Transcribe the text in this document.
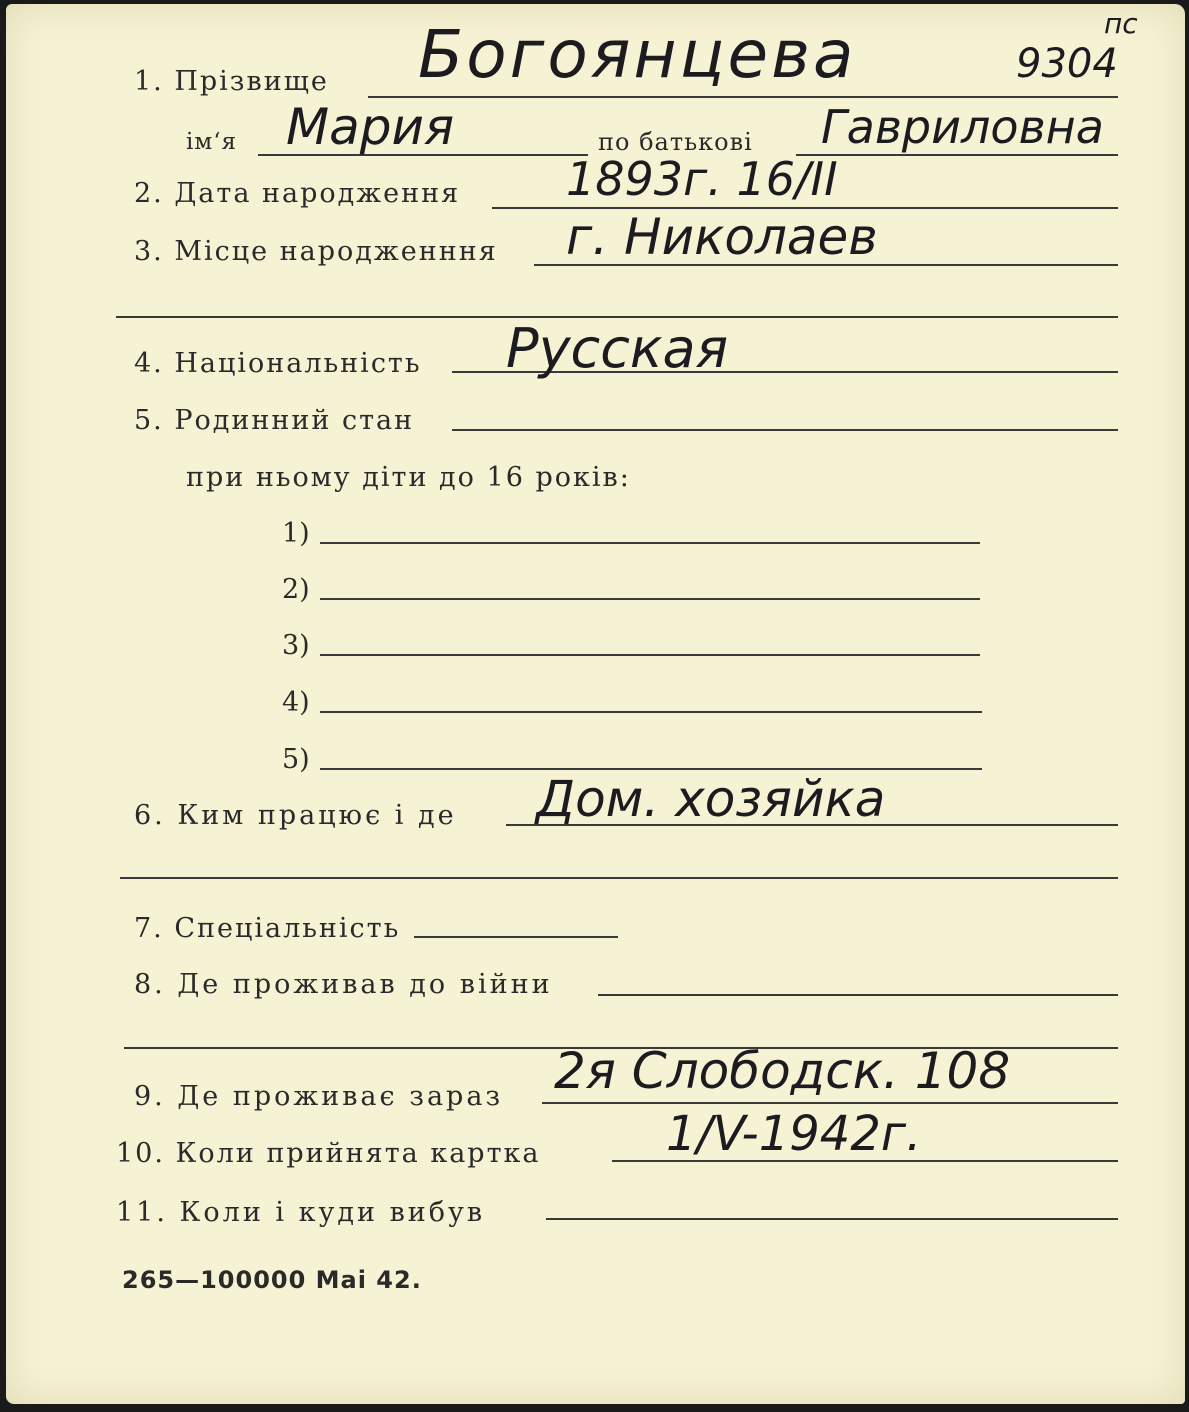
пс
1. Прізвище Богоянцева	9304
ім‘я Мария	по батькові Гавриловна
2. Дата народження 1893г. 16/II
3. Місце народженння г. Николаев
4. Національність Русская
5. Родинний стан
при ньому діти до 16 років:
1)
2)
3)
4)
5)
6. Ким працює і де Дом. хозяйка
7. Спеціальність
8. Де проживав до війни
9. Де проживає зараз 2я Слободск. 108
10. Коли прийнята картка	1/V-1942г.
11. Коли і куди вибув
265—100000 Mai 42.
